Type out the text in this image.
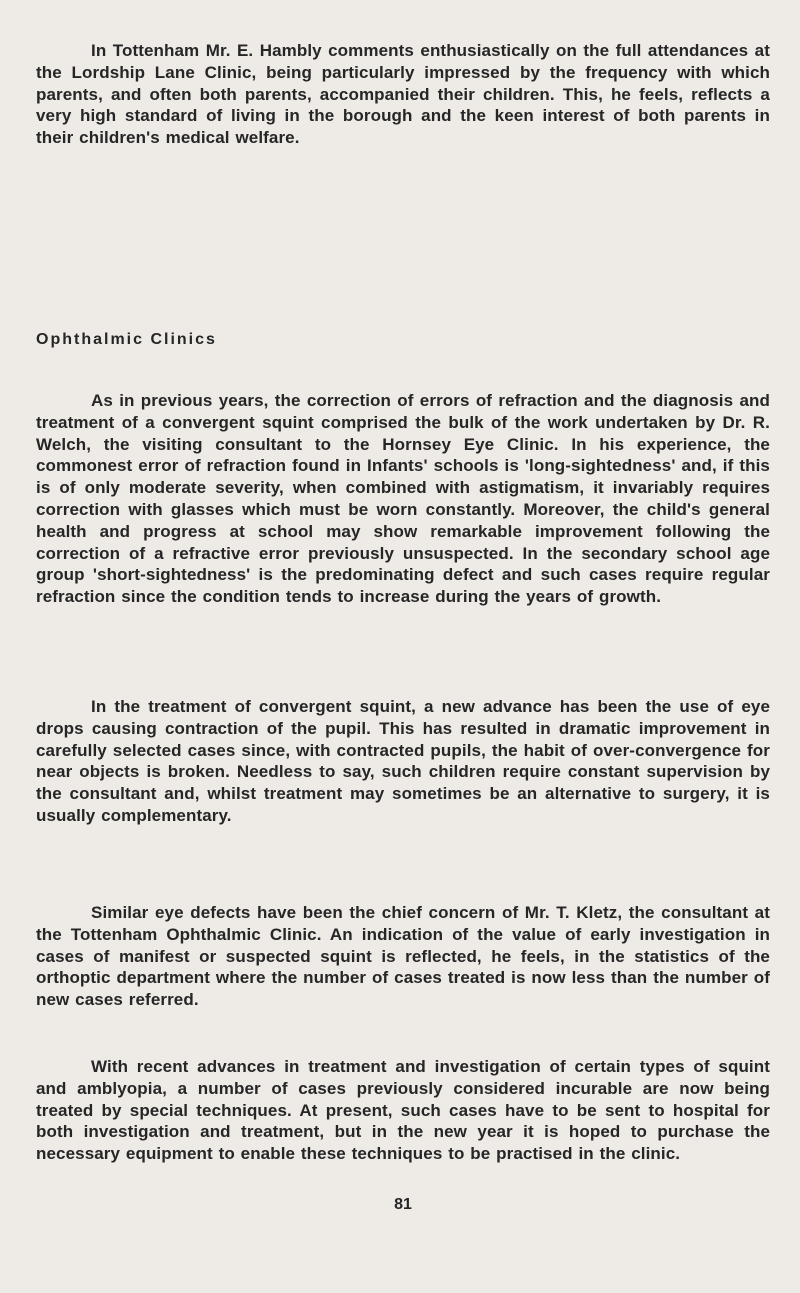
In Tottenham Mr. E. Hambly comments enthusiastically on the full attendances at the Lordship Lane Clinic, being particularly impressed by the frequency with which parents, and often both parents, accompanied their children. This, he feels, reflects a very high standard of living in the borough and the keen interest of both parents in their children's medical welfare.

Ophthalmic Clinics

As in previous years, the correction of errors of refraction and the diagnosis and treatment of a convergent squint comprised the bulk of the work undertaken by Dr. R. Welch, the visiting consultant to the Hornsey Eye Clinic. In his experience, the commonest error of refraction found in Infants' schools is 'long-sightedness' and, if this is of only moderate severity, when combined with astigmatism, it invariably requires correction with glasses which must be worn constantly. Moreover, the child's general health and progress at school may show remarkable improvement following the correction of a refractive error previously unsuspected. In the secondary school age group 'short-sightedness' is the predominating defect and such cases require regular refraction since the condition tends to increase during the years of growth.

In the treatment of convergent squint, a new advance has been the use of eye drops causing contraction of the pupil. This has resulted in dramatic improvement in carefully selected cases since, with contracted pupils, the habit of over-convergence for near objects is broken. Needless to say, such children require constant supervision by the consultant and, whilst treatment may sometimes be an alternative to surgery, it is usually complementary.

Similar eye defects have been the chief concern of Mr. T. Kletz, the consultant at the Tottenham Ophthalmic Clinic. An indication of the value of early investigation in cases of manifest or suspected squint is reflected, he feels, in the statistics of the orthoptic department where the number of cases treated is now less than the number of new cases referred.

With recent advances in treatment and investigation of certain types of squint and amblyopia, a number of cases previously considered incurable are now being treated by special techniques. At present, such cases have to be sent to hospital for both investigation and treatment, but in the new year it is hoped to purchase the necessary equipment to enable these techniques to be practised in the clinic.

81
